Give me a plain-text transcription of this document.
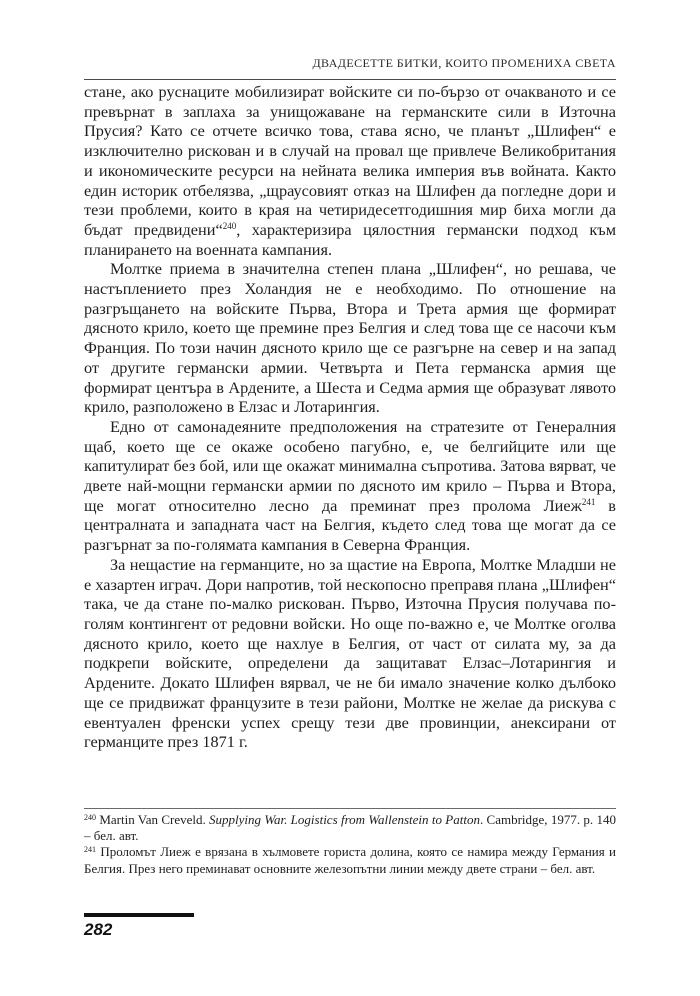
ДВАДЕСЕТТЕ БИТКИ, КОИТО ПРОМЕНИХА СВЕТА

стане, ако руснаците мобилизират войските си по-бързо от очакваното и се превърнат в заплаха за унищожаване на германските сили в Източна Прусия? Като се отчете всичко това, става ясно, че планът „Шлифен“ е изключително рискован и в случай на провал ще привлече Великобритания и икономическите ресурси на нейната велика империя във войната. Както един историк отбелязва, „щраусовият отказ на Шлифен да погледне дори и тези проблеми, които в края на четиридесетгодишния мир биха могли да бъдат предвидени“$^{240}$, характеризира цялостния германски подход към планирането на военната кампания.

Молтке приема в значителна степен плана „Шлифен“, но решава, че настъплението през Холандия не е необходимо. По отношение на разгръщането на войските Първа, Втора и Трета армия ще формират дясното крило, което ще премине през Белгия и след това ще се насочи към Франция. По този начин дясното крило ще се разгърне на север и на запад от другите германски армии. Четвърта и Пета германска армия ще формират центъра в Ардените, а Шеста и Седма армия ще образуват лявото крило, разположено в Елзас и Лотарингия.

Едно от самонадеяните предположения на стратезите от Генералния щаб, което ще се окаже особено пагубно, е, че белгийците или ще капитулират без бой, или ще окажат минимална съпротива. Затова вярват, че двете най-мощни германски армии по дясното им крило – Първа и Втора, ще могат относително лесно да преминат през пролома Лиеж$^{241}$ в централната и западната част на Белгия, където след това ще могат да се разгърнат за по-голямата кампания в Северна Франция.

За нещастие на германците, но за щастие на Европа, Молтке Младши не е хазартен играч. Дори напротив, той нескопосно преправя плана „Шлифен“ така, че да стане по-малко рискован. Първо, Източна Прусия получава по-голям контингент от редовни войски. Но още по-важно е, че Молтке оголва дясното крило, което ще нахлуе в Белгия, от част от силата му, за да подкрепи войските, определени да защитават Елзас–Лотарингия и Ардените. Докато Шлифен вярвал, че не би имало значение колко дълбоко ще се придвижат французите в тези райони, Молтке не желае да рискува с евентуален френски успех срещу тези две провинции, анексирани от германците през 1871 г.

$^{240}$ Martin Van Creveld. Supplying War. Logistics from Wallenstein to Patton. Cambridge, 1977. p. 140 – бел. авт.

$^{241}$ Проломът Лиеж е врязана в хълмовете гориста долина, която се намира между Германия и Белгия. През него преминават основните железопътни линии между двете страни – бел. авт.

282
